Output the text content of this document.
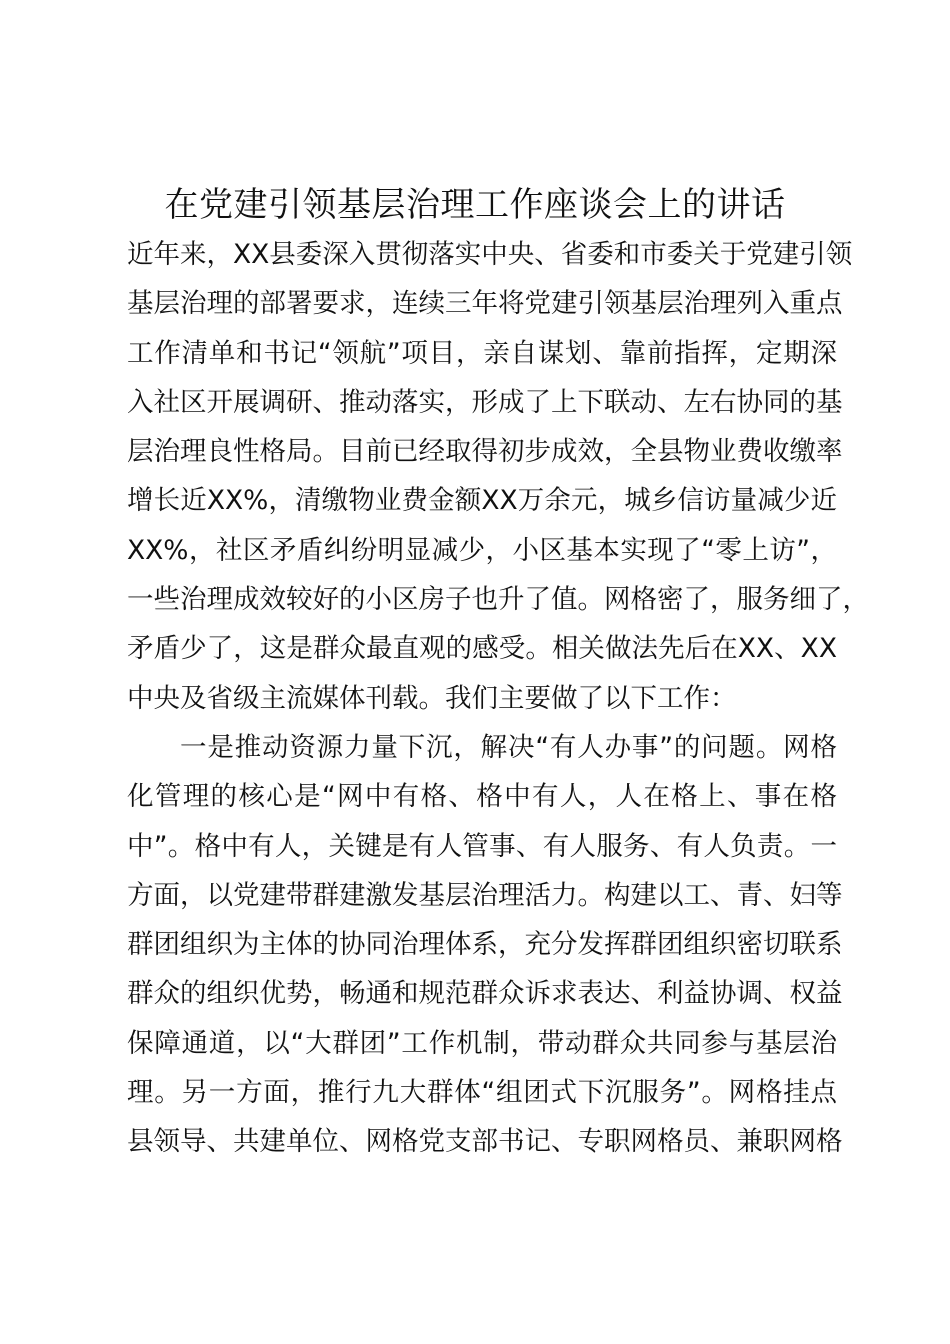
在党建引领基层治理工作座谈会上的讲话
近年来，XX县委深入贯彻落实中央、省委和市委关于党建引领
基层治理的部署要求，连续三年将党建引领基层治理列入重点
工作清单和书记“领航”项目，亲自谋划、靠前指挥，定期深
入社区开展调研、推动落实，形成了上下联动、左右协同的基
层治理良性格局。目前已经取得初步成效，全县物业费收缴率
增长近XX%，清缴物业费金额XX万余元，城乡信访量减少近
XX%，社区矛盾纠纷明显减少，小区基本实现了“零上访”，
一些治理成效较好的小区房子也升了值。网格密了，服务细了，
矛盾少了，这是群众最直观的感受。相关做法先后在XX、XX
中央及省级主流媒体刊载。我们主要做了以下工作：
一是推动资源力量下沉，解决“有人办事”的问题。网格
化管理的核心是“网中有格、格中有人，人在格上、事在格
中”。格中有人，关键是有人管事、有人服务、有人负责。一
方面，以党建带群建激发基层治理活力。构建以工、青、妇等
群团组织为主体的协同治理体系，充分发挥群团组织密切联系
群众的组织优势，畅通和规范群众诉求表达、利益协调、权益
保障通道，以“大群团”工作机制，带动群众共同参与基层治
理。另一方面，推行九大群体“组团式下沉服务”。网格挂点
县领导、共建单位、网格党支部书记、专职网格员、兼职网格
